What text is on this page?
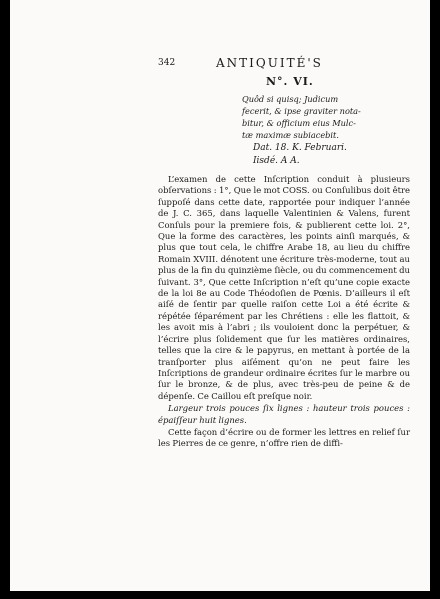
342	ANTIQUITÉ'S
N°. VI.
Quôd si quisq; Judicum
fecerit, & ipse graviter nota-
bitur, & officium eius Mulc-
tæ maximæ subiacebit.
Dat. 18. K. Februari.
Iisdé. A A.

L’examen de cette Inſcription conduit à plusieurs obſervations : 1°, Que le mot COSS. ou Conſulibus doit être ſuppoſé dans cette date, rapportée pour indiquer l’année de J. C. 365, dans laquelle Valentinien & Valens, furent Conſuls pour la premiere fois, & publierent cette loi. 2°, Que la forme des caractères, les points ainſi marqués, & plus que tout cela, le chiffre Arabe 18, au lieu du chiffre Romain XVIII. dénotent une écriture très-moderne, tout au plus de la fin du quinzième ſiècle, ou du commencement du ſuivant. 3°, Que cette Inſcription n’eſt qu’une copie exacte de la loi 8e au Code Théodoſien de Pœnis. D’ailleurs il eſt aiſé de ſentir par quelle raiſon cette Loi a été écrite & répétée ſéparément par les Chrétiens : elle les flattoit, & les avoit mis à l’abri ; ils vouloient donc la perpétuer, & l’écrire plus ſolidement que ſur les matières ordinaires, telles que la cire & le papyrus, en mettant à portée de la tranſporter plus aiſément qu’on ne peut faire les Inſcriptions de grandeur ordinaire écrites ſur le marbre ou ſur le bronze, & de plus, avec très-peu de peine & de dépenſe. Ce Caillou eſt preſque noir.

Largeur trois pouces ſix lignes : hauteur trois pouces : épaiſſeur huit lignes.

Cette façon d’écrire ou de former les lettres en relief ſur les Pierres de ce genre, n’offre rien de diffi-
